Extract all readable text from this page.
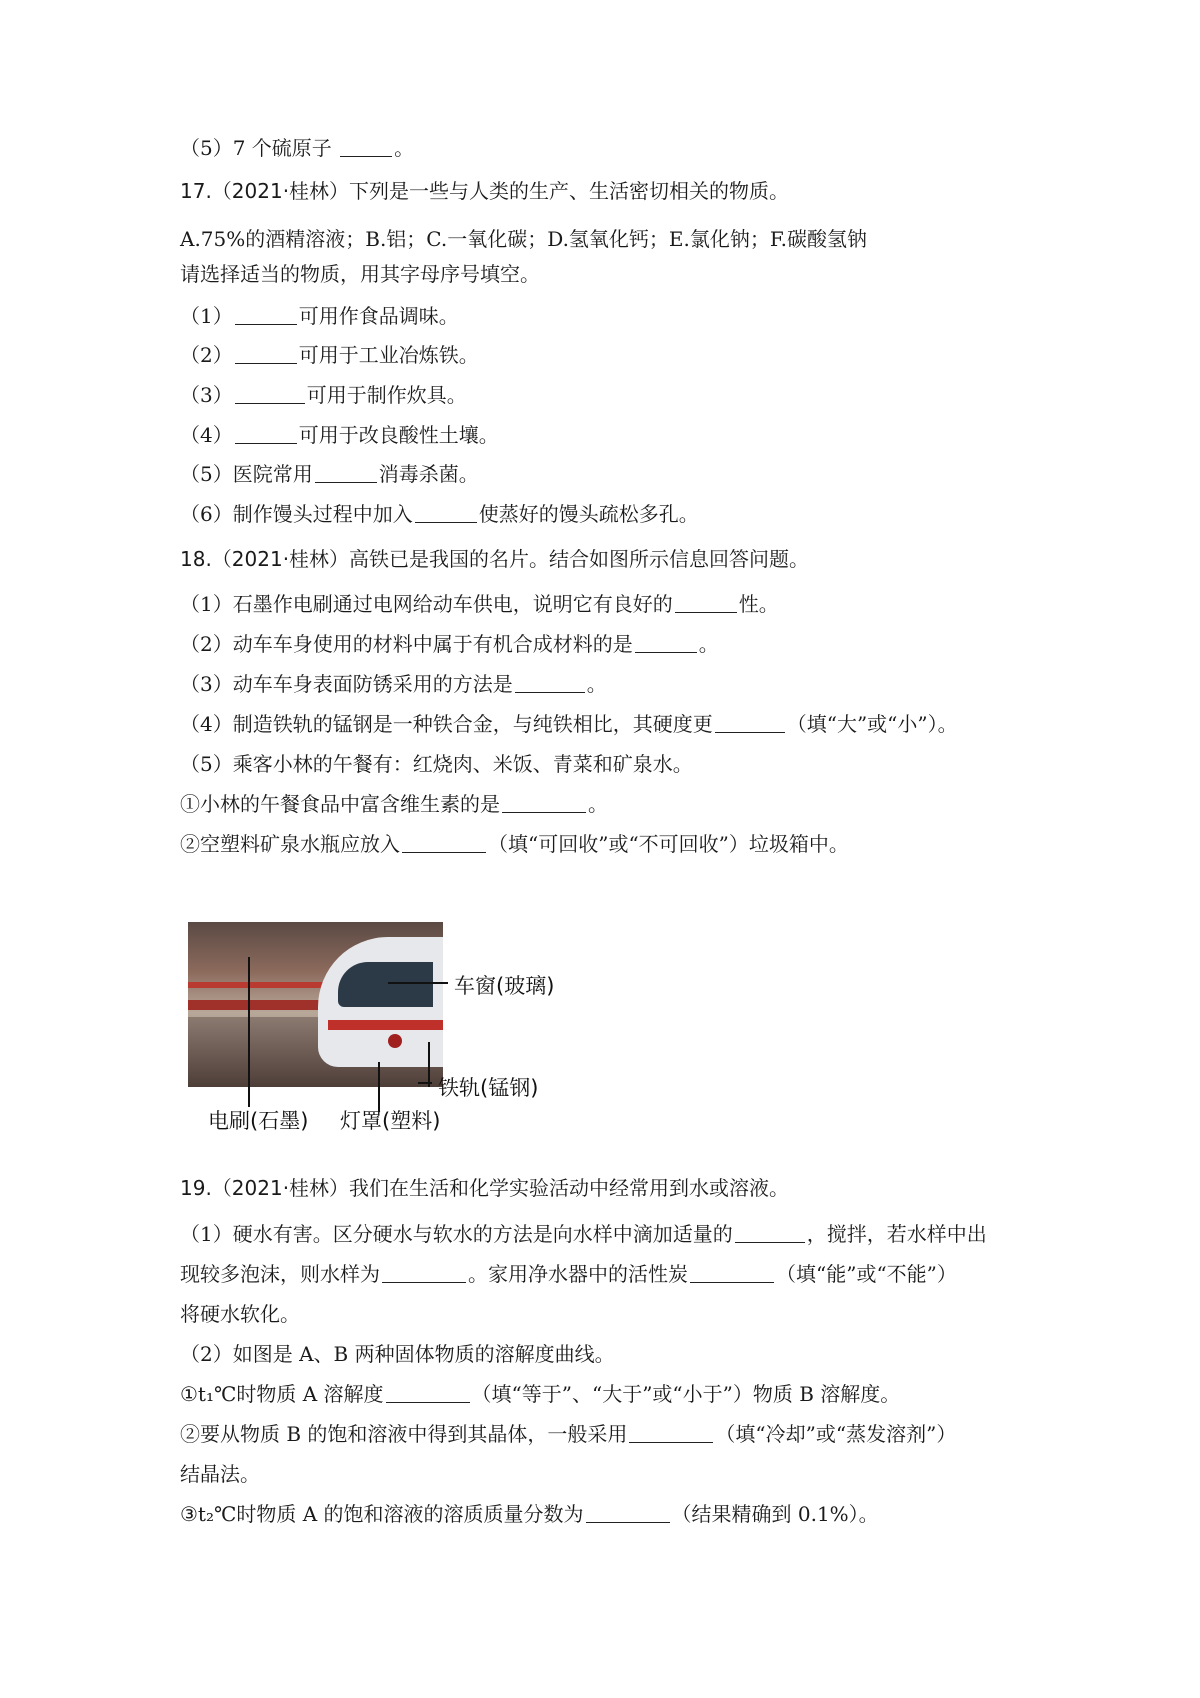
（5）7 个硫原子	。
17.（2021·桂林）下列是一些与人类的生产、生活密切相关的物质。
A.75%的酒精溶液；B.铝；C.一氧化碳；D.氢氧化钙；E.氯化钠；F.碳酸氢钠
请选择适当的物质，用其字母序号填空。
（1）	可用作食品调味。
（2）	可用于工业冶炼铁。
（3）	可用于制作炊具。
（4）	可用于改良酸性土壤。
（5）医院常用	消毒杀菌。
（6）制作馒头过程中加入	使蒸好的馒头疏松多孔。
18.（2021·桂林）高铁已是我国的名片。结合如图所示信息回答问题。
（1）石墨作电刷通过电网给动车供电，说明它有良好的	性。
（2）动车车身使用的材料中属于有机合成材料的是	。
（3）动车车身表面防锈采用的方法是	。
（4）制造铁轨的锰钢是一种铁合金，与纯铁相比，其硬度更	（填“大”或“小”）。
（5）乘客小林的午餐有：红烧肉、米饭、青菜和矿泉水。
①小林的午餐食品中富含维生素的是	。
②空塑料矿泉水瓶应放入	（填“可回收”或“不可回收”）垃圾箱中。
车窗(玻璃)
铁轨(锰钢)
电刷(石墨) 灯罩(塑料)
19.（2021·桂林）我们在生活和化学实验活动中经常用到水或溶液。
（1）硬水有害。区分硬水与软水的方法是向水样中滴加适量的	，搅拌，若水样中出
现较多泡沫，则水样为	。家用净水器中的活性炭	（填“能”或“不能”）
将硬水软化。
（2）如图是 A、B 两种固体物质的溶解度曲线。
①t₁℃时物质 A 溶解度	（填“等于”、“大于”或“小于”）物质 B 溶解度。
②要从物质 B 的饱和溶液中得到其晶体，一般采用	（填“冷却”或“蒸发溶剂”）
结晶法。
③t₂℃时物质 A 的饱和溶液的溶质质量分数为	（结果精确到 0.1%）。
